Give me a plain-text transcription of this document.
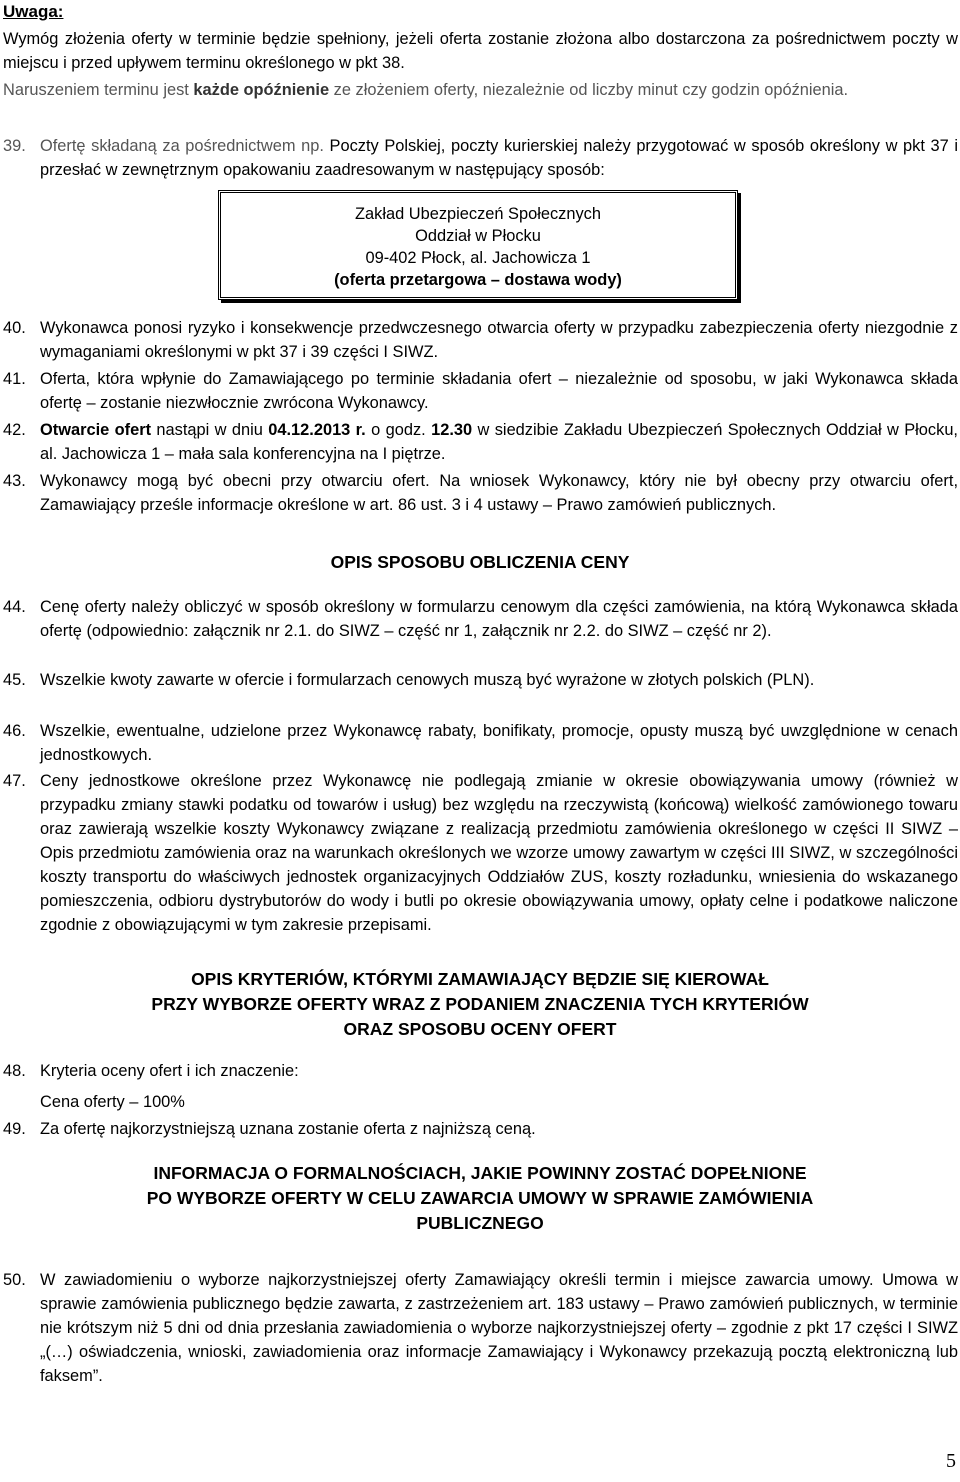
Uwaga:
Wymóg złożenia oferty w terminie będzie spełniony, jeżeli oferta zostanie złożona albo dostarczona za pośrednictwem poczty w miejscu i przed upływem terminu określonego w pkt 38.
Naruszeniem terminu jest każde opóźnienie ze złożeniem oferty, niezależnie od liczby minut czy godzin opóźnienia.
39. Ofertę składaną za pośrednictwem np. Poczty Polskiej, poczty kurierskiej należy przygotować w sposób określony w pkt 37 i przesłać w zewnętrznym opakowaniu zaadresowanym w następujący sposób:
Zakład Ubezpieczeń Społecznych
Oddział w Płocku
09-402 Płock, al. Jachowicza 1
(oferta przetargowa – dostawa wody)
40. Wykonawca ponosi ryzyko i konsekwencje przedwczesnego otwarcia oferty w przypadku zabezpieczenia oferty niezgodnie z wymaganiami określonymi w pkt 37 i 39 części I SIWZ.
41. Oferta, która wpłynie do Zamawiającego po terminie składania ofert – niezależnie od sposobu, w jaki Wykonawca składa ofertę – zostanie niezwłocznie zwrócona Wykonawcy.
42. Otwarcie ofert nastąpi w dniu 04.12.2013 r. o godz. 12.30 w siedzibie Zakładu Ubezpieczeń Społecznych Oddział w Płocku, al. Jachowicza 1 – mała sala konferencyjna na I piętrze.
43. Wykonawcy mogą być obecni przy otwarciu ofert. Na wniosek Wykonawcy, który nie był obecny przy otwarciu ofert, Zamawiający prześle informacje określone w art. 86 ust. 3 i 4 ustawy – Prawo zamówień publicznych.
OPIS SPOSOBU OBLICZENIA CENY
44. Cenę oferty należy obliczyć w sposób określony w formularzu cenowym dla części zamówienia, na którą Wykonawca składa ofertę (odpowiednio: załącznik nr 2.1. do SIWZ – część nr 1, załącznik nr 2.2. do SIWZ – część nr 2).
45. Wszelkie kwoty zawarte w ofercie i formularzach cenowych muszą być wyrażone w złotych polskich (PLN).
46. Wszelkie, ewentualne, udzielone przez Wykonawcę rabaty, bonifikaty, promocje, opusty muszą być uwzględnione w cenach jednostkowych.
47. Ceny jednostkowe określone przez Wykonawcę nie podlegają zmianie w okresie obowiązywania umowy (również w przypadku zmiany stawki podatku od towarów i usług) bez względu na rzeczywistą (końcową) wielkość zamówionego towaru oraz zawierają wszelkie koszty Wykonawcy związane z realizacją przedmiotu zamówienia określonego w części II SIWZ – Opis przedmiotu zamówienia oraz na warunkach określonych we wzorze umowy zawartym w części III SIWZ, w szczególności koszty transportu do właściwych jednostek organizacyjnych Oddziałów ZUS, koszty rozładunku, wniesienia do wskazanego pomieszczenia, odbioru dystrybutorów do wody i butli po okresie obowiązywania umowy, opłaty celne i podatkowe naliczone zgodnie z obowiązującymi w tym zakresie przepisami.
OPIS KRYTERIÓW, KTÓRYMI ZAMAWIAJĄCY BĘDZIE SIĘ KIEROWAŁ
PRZY WYBORZE OFERTY WRAZ Z PODANIEM ZNACZENIA TYCH KRYTERIÓW
ORAZ SPOSOBU OCENY OFERT
48. Kryteria oceny ofert i ich znaczenie:
Cena oferty – 100%
49. Za ofertę najkorzystniejszą uznana zostanie oferta z najniższą ceną.
INFORMACJA O FORMALNOŚCIACH, JAKIE POWINNY ZOSTAĆ DOPEŁNIONE
PO WYBORZE OFERTY W CELU ZAWARCIA UMOWY W SPRAWIE ZAMÓWIENIA
PUBLICZNEGO
50. W zawiadomieniu o wyborze najkorzystniejszej oferty Zamawiający określi termin i miejsce zawarcia umowy. Umowa w sprawie zamówienia publicznego będzie zawarta, z zastrzeżeniem art. 183 ustawy – Prawo zamówień publicznych, w terminie nie krótszym niż 5 dni od dnia przesłania zawiadomienia o wyborze najkorzystniejszej oferty – zgodnie z pkt 17 części I SIWZ „(…) oświadczenia, wnioski, zawiadomienia oraz informacje Zamawiający i Wykonawcy przekazują pocztą elektroniczną lub faksem”.
5
